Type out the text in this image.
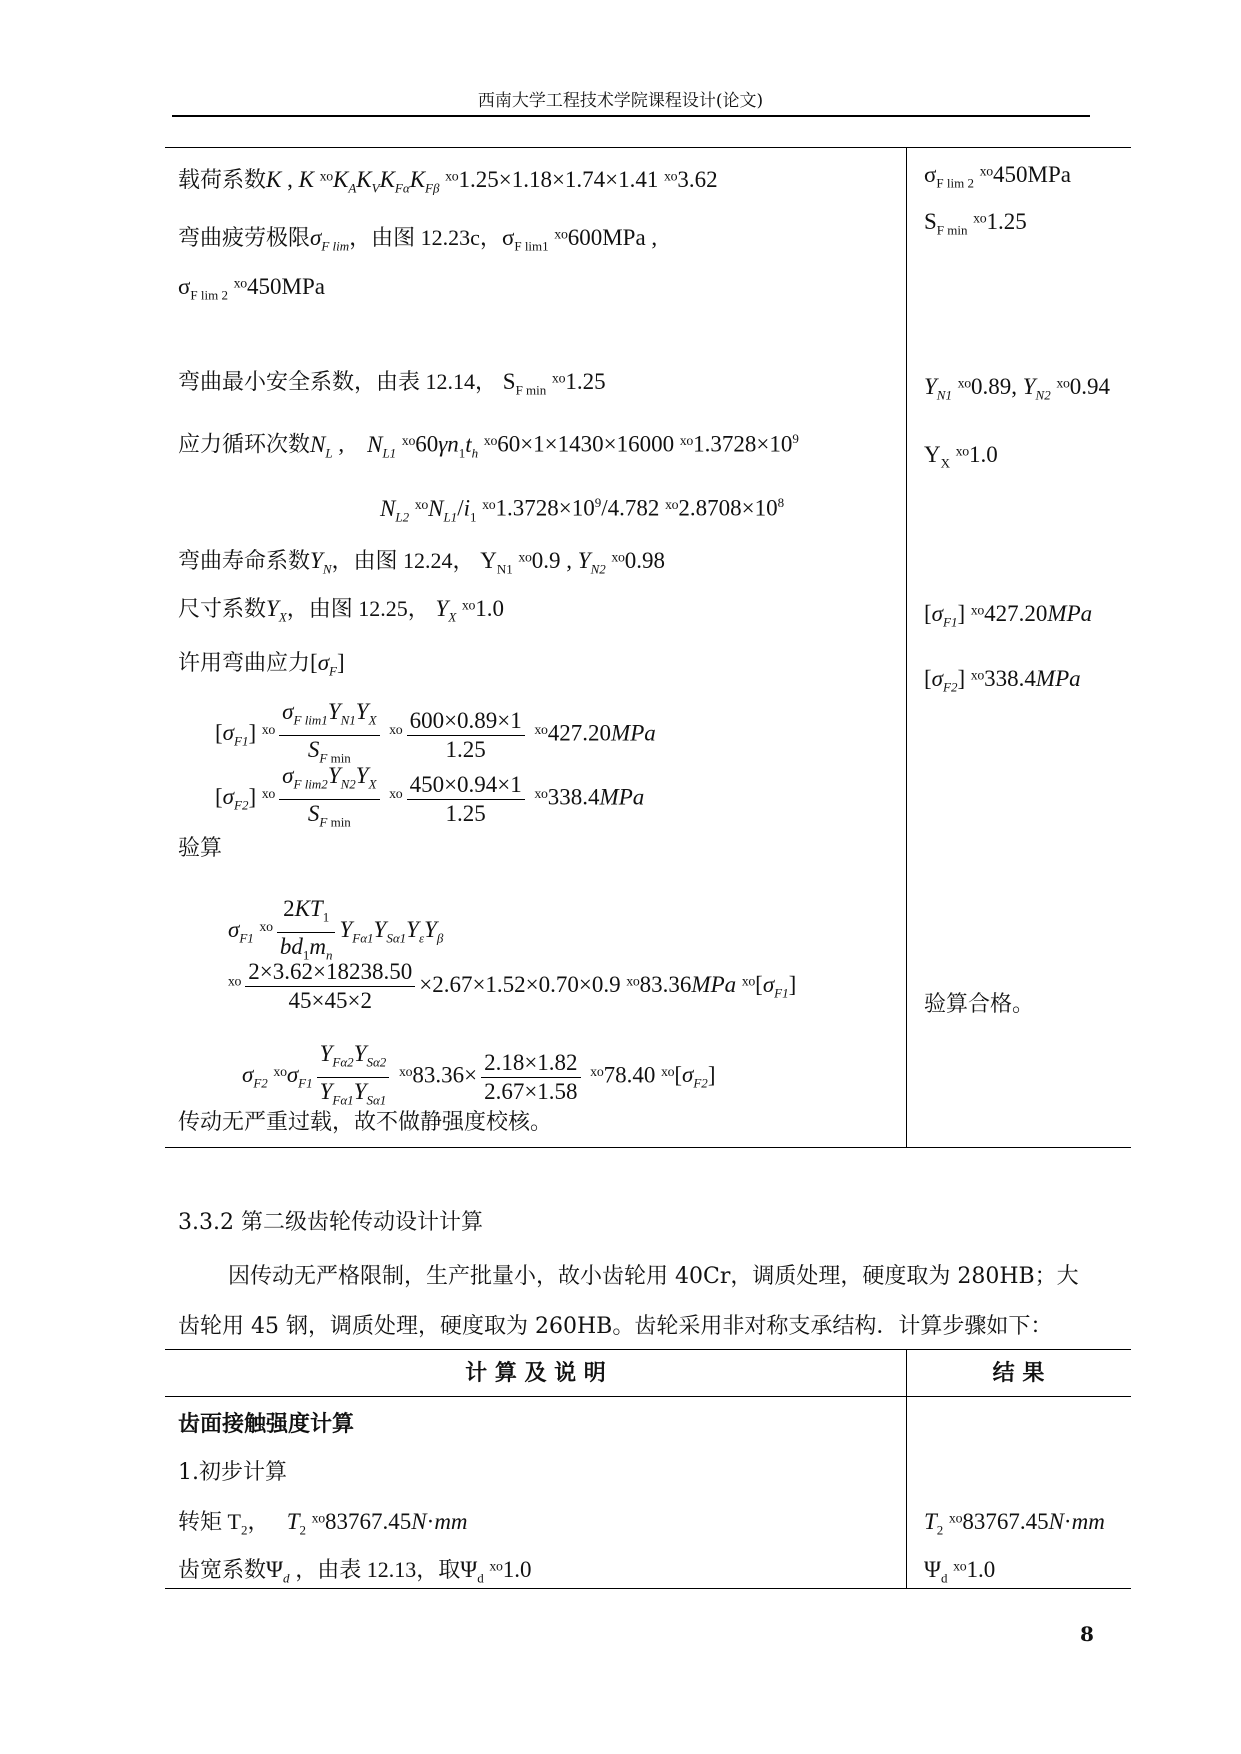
西南大学工程技术学院课程设计(论文)
载荷系数K , K $ˣᵒK_AK_VK_{F\alpha}K_{F\beta}$ ˣᵒ1.25×1.18×1.74×1.41 ˣᵒ3.62
弯曲疲劳极限$\sigma_{F lim}$，由图 12.23c，$\sigma_{F lim1}$ ˣᵒ600MPa ,
$\sigma_{F lim 2}$ ˣᵒ450MPa
弯曲最小安全系数，由表 12.14， $S_{F min}$ ˣᵒ1.25
应力循环次数$N_L$ ,    $N_{L1}$ $ˣᵒ60\gamma n_1t_h$ ˣᵒ60×1×1430×16000 $ˣᵒ1.3728\times 10^9$
$N_{L2}$ $ˣᵒN_{L1}/i_1$ $ˣᵒ1.3728\times 10^9/4.782$ $ˣᵒ2.8708\times 10^8$
弯曲寿命系数$Y_N$，由图 12.24， $Y_{N1}$ ˣᵒ0.9 , $Y_{N2}$ ˣᵒ0.98
尺寸系数$Y_X$，由图 12.25， $Y_X$ ˣᵒ1.0
许用弯曲应力$[\sigma_F]$
$[\sigma_{F1}]$ ˣᵒ $\frac{\sigma_{F lim1}Y_{N1}Y_X}{S_F _{min}}$ ˣᵒ $\frac{600\times 0.89\times 1}{1.25}$ ˣᵒ427.20MPa
$[\sigma_{F2}]$ ˣᵒ $\frac{\sigma_{F lim2}Y_{N2}Y_X}{S_F _{min}}$ ˣᵒ $\frac{450\times 0.94\times 1}{1.25}$ ˣᵒ338.4MPa
验算
$\sigma_{F1}$ ˣᵒ $\frac{2KT_1}{bd_1m_n} Y_{F\alpha 1}Y_{S\alpha 1}Y_\varepsilon Y_\beta$
ˣᵒ $\frac{2\times 3.62\times 18238.50}{45\times 45\times 2} \times 2.67\times 1.52\times 0.70\times 0.9$ ˣᵒ83.36MPa $ˣᵒ[\sigma_{F1}]$
$\sigma_{F2}$ ˣᵒσ$_{F1}$ $\frac{Y_{F\alpha 2}Y_{S\alpha 2}}{Y_{F\alpha 1}Y_{S\alpha 1}}$ ˣᵒ83.36× $\frac{2.18\times 1.82}{2.67\times 1.58}$ ˣᵒ78.40 $ˣᵒ[\sigma_{F2}]$
传动无严重过载，故不做静强度校核。
$\sigma_{F lim 2}$ ˣᵒ450MPa
$S_{F min}$ ˣᵒ1.25
$Y_{N1}$ ˣᵒ0.89, $Y_{N2}$ ˣᵒ0.94
$Y_X$ ˣᵒ1.0
$[\sigma_{F1}]$ ˣᵒ427.20MPa
$[\sigma_{F2}]$ ˣᵒ338.4MPa
验算合格。
3.3.2 第二级齿轮传动设计计算
因传动无严格限制，生产批量小，故小齿轮用 40Cr，调质处理，硬度取为 280HB；大
齿轮用 45 钢，调质处理，硬度取为 260HB。齿轮采用非对称支承结构．计算步骤如下：
计 算 及 说 明	结 果
齿面接触强度计算
1.初步计算
转矩 $T_2$， $T_2$ ˣᵒ83767.45N·mm
齿宽系数$\Psi_d$ ，由表 12.13，取$\Psi_d$ ˣᵒ1.0
$T_2$ ˣᵒ83767.45N·mm
$\Psi_d$ ˣᵒ1.0
8
